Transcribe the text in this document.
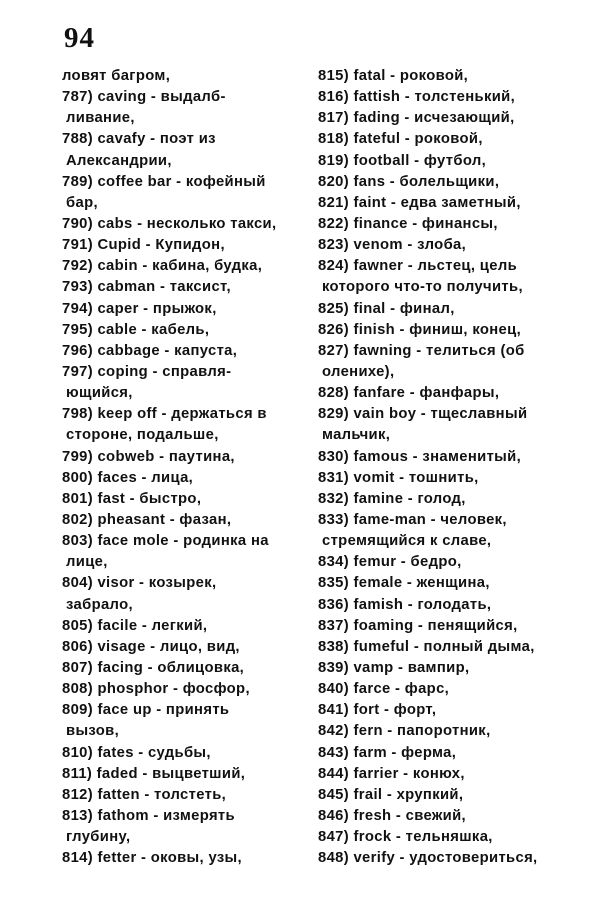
94
ловят багром,
787) caving - выдалб-
ливание,
788) cavafy - поэт из
Александрии,
789) coffee bar - кофейный
бар,
790) cabs - несколько такси,
791) Cupid - Купидон,
792) cabin - кабина, будка,
793) cabman - таксист,
794) caper - прыжок,
795) cable - кабель,
796) cabbage - капуста,
797) coping - справля-
ющийся,
798) keep off - держаться в
стороне, подальше,
799) cobweb - паутина,
800) faces - лица,
801) fast - быстро,
802) pheasant - фазан,
803) face mole - родинка на
лице,
804) visor - козырек,
забрало,
805) facile - легкий,
806) visage - лицо, вид,
807) facing - облицовка,
808) phosphor - фосфор,
809) face up - принять
вызов,
810) fates - судьбы,
811) faded - выцветший,
812) fatten - толстеть,
813) fathom - измерять
глубину,
814) fetter - оковы, узы,
815) fatal - роковой,
816) fattish - толстенький,
817) fading - исчезающий,
818) fateful - роковой,
819) football - футбол,
820) fans - болельщики,
821) faint - едва заметный,
822) finance - финансы,
823) venom - злоба,
824) fawner - льстец, цель
которого что-то получить,
825) final - финал,
826) finish - финиш, конец,
827) fawning - телиться (об
оленихе),
828) fanfare - фанфары,
829) vain boy - тщеславный
мальчик,
830) famous - знаменитый,
831) vomit - тошнить,
832) famine - голод,
833) fame-man - человек,
стремящийся к славе,
834) femur - бедро,
835) female - женщина,
836) famish - голодать,
837) foaming - пенящийся,
838) fumeful - полный дыма,
839) vamp - вампир,
840) farce - фарс,
841) fort - форт,
842) fern - папоротник,
843) farm - ферма,
844) farrier - конюх,
845) frail - хрупкий,
846) fresh - свежий,
847) frock - тельняшка,
848) verify - удостовериться,
